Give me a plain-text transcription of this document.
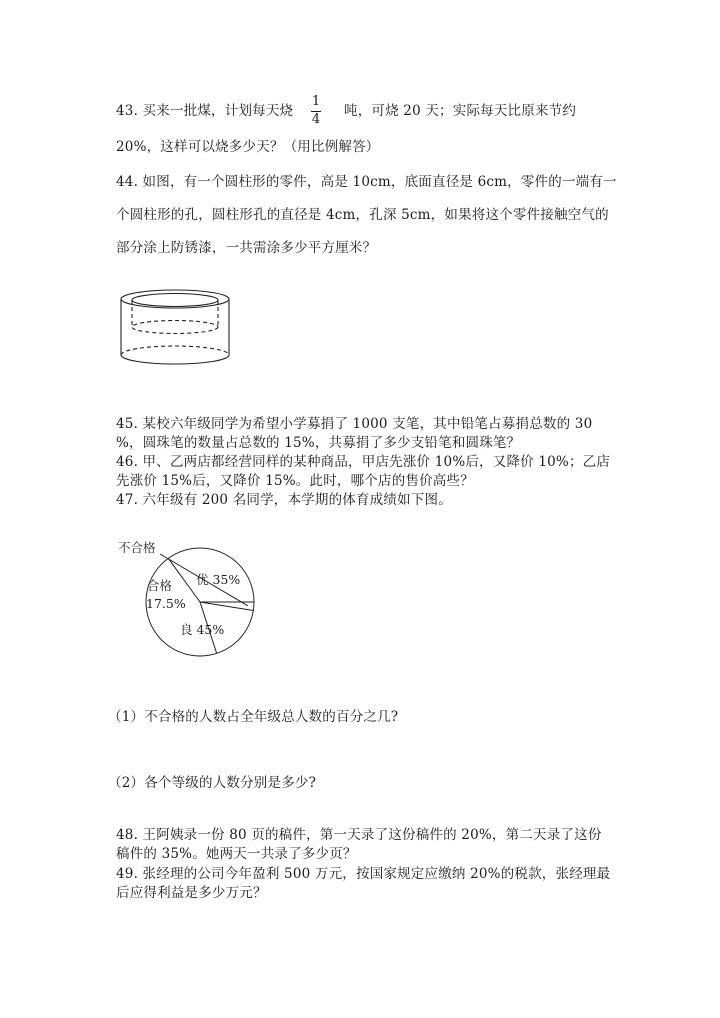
43. 买来一批煤，计划每天烧
1
4
吨，可烧 20 天；实际每天比原来节约
20%，这样可以烧多少天？（用比例解答）
44. 如图，有一个圆柱形的零件，高是 10cm，底面直径是 6cm，零件的一端有一
个圆柱形的孔，圆柱形孔的直径是 4cm，孔深 5cm，如果将这个零件接触空气的
部分涂上防锈漆，一共需涂多少平方厘米？
45. 某校六年级同学为希望小学募捐了 1000 支笔，其中铅笔占募捐总数的 30
%，圆珠笔的数量占总数的 15%，共募捐了多少支铅笔和圆珠笔？
46. 甲、乙两店都经营同样的某种商品，甲店先涨价 10%后，又降价 10%；乙店
先涨价 15%后，又降价 15%。此时，哪个店的售价高些？
47. 六年级有 200 名同学，本学期的体育成绩如下图。
不合格
合格
17.5%
优 35%
良 45%
（1）不合格的人数占全年级总人数的百分之几?
（2）各个等级的人数分别是多少?
48. 王阿姨录一份 80 页的稿件，第一天录了这份稿件的 20%，第二天录了这份
稿件的 35%。她两天一共录了多少页？
49. 张经理的公司今年盈利 500 万元，按国家规定应缴纳 20%的税款，张经理最
后应得利益是多少万元？
